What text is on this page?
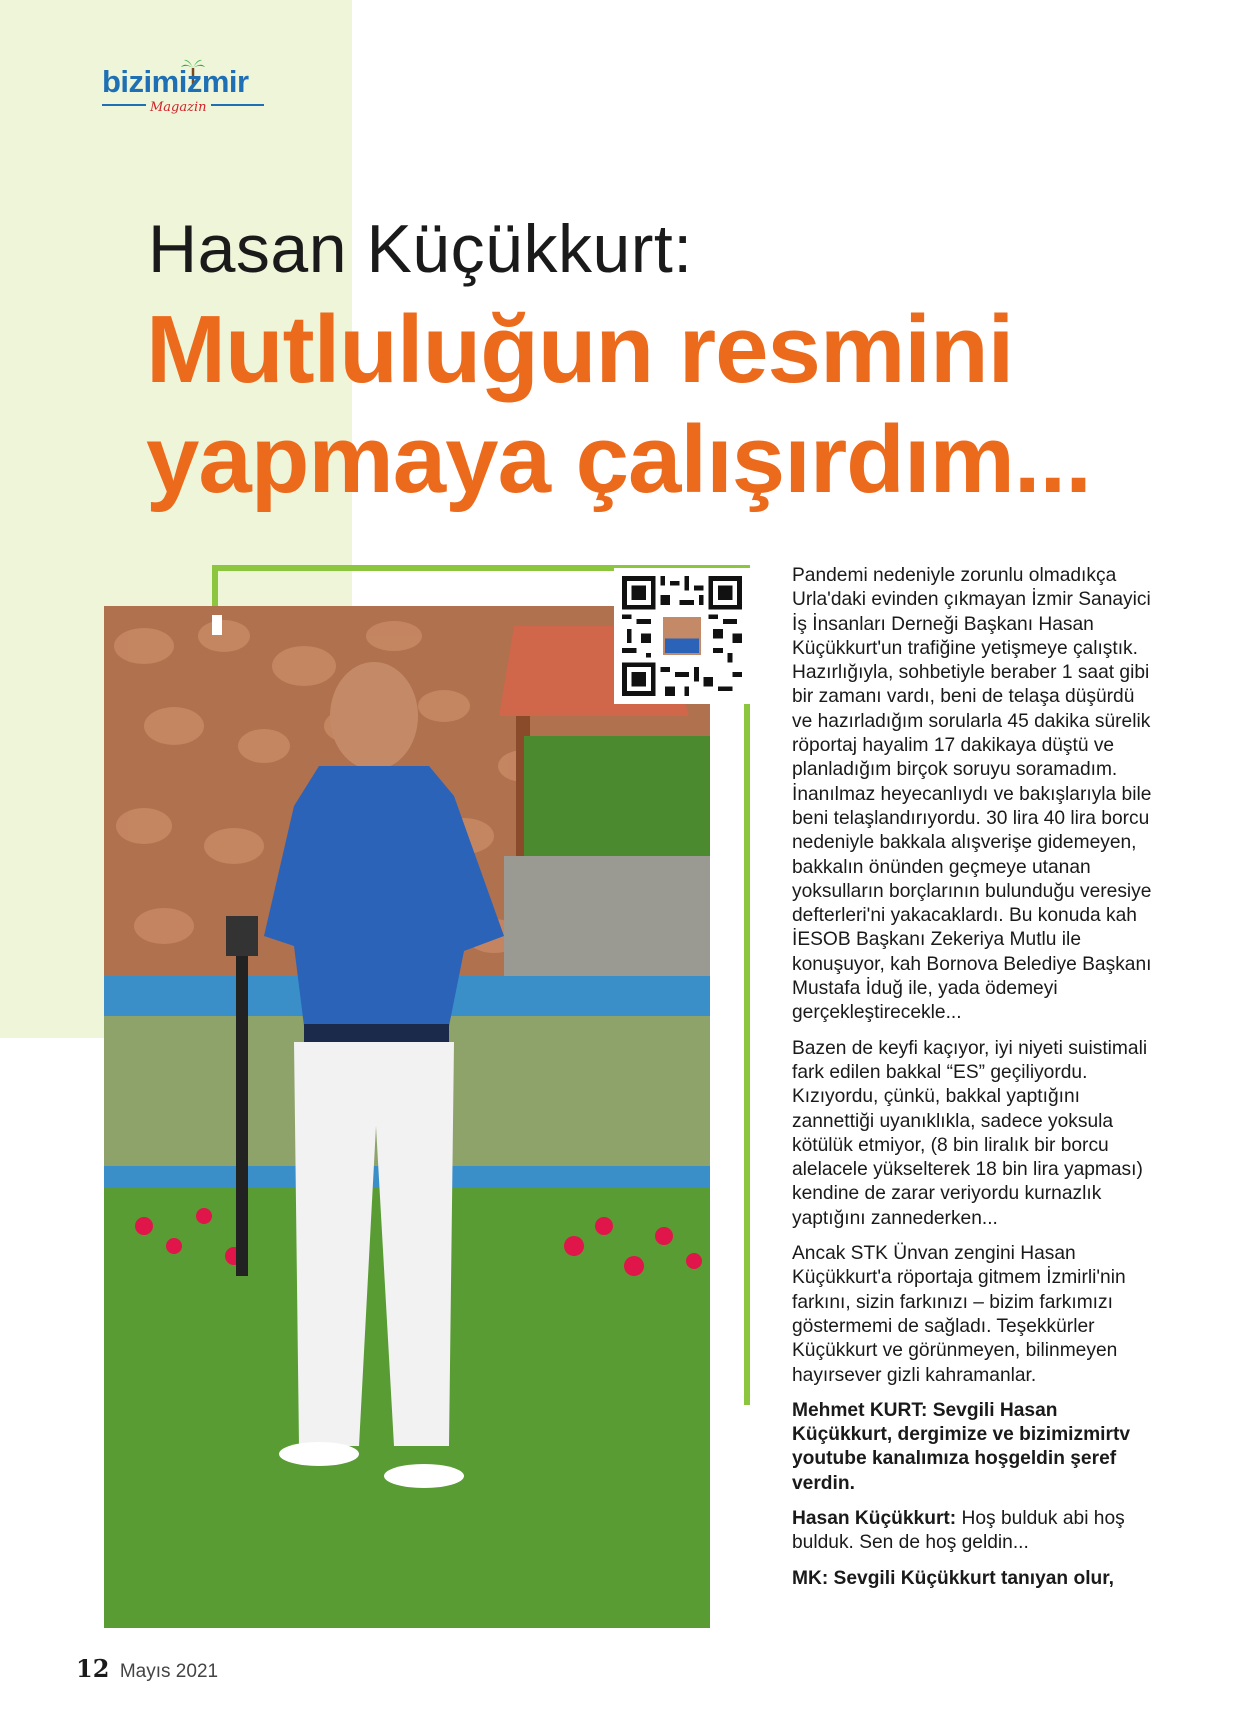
bizimizmir
Magazin
Hasan Küçükkurt:
Mutluluğun resmini
yapmaya çalışırdım...

Pandemi nedeniyle zorunlu olmadıkça Urla'daki evinden çıkmayan İzmir Sanayici İş İnsanları Derneği Başkanı Hasan Küçükkurt'un trafiğine yetişmeye çalıştık. Hazırlığıyla, sohbetiyle beraber 1 saat gibi bir zamanı vardı, beni de telaşa düşürdü ve hazırladığım sorularla 45 dakika sürelik röportaj hayalim 17 dakikaya düştü ve planladığım birçok soruyu soramadım. İnanılmaz heyecanlıydı ve bakışlarıyla bile beni telaşlandırıyordu. 30 lira 40 lira borcu nedeniyle bakkala alışverişe gidemeyen, bakkalın önünden geçmeye utanan yoksulların borçlarının bulunduğu veresiye defterleri'ni yakacaklardı. Bu konuda kah İESOB Başkanı Zekeriya Mutlu ile konuşuyor, kah Bornova Belediye Başkanı Mustafa İduğ ile, yada ödemeyi gerçekleştirecekle...

Bazen de keyfi kaçıyor, iyi niyeti suistimali fark edilen bakkal “ES” geçiliyordu. Kızıyordu, çünkü, bakkal yaptığını zannettiği uyanıklıkla, sadece yoksula kötülük etmiyor, (8 bin liralık bir borcu alelacele yükselterek 18 bin lira yapması) kendine de zarar veriyordu kurnazlık yaptığını zannederken...

Ancak STK Ünvan zengini Hasan Küçükkurt'a röportaja gitmem İzmirli'nin farkını, sizin farkınızı – bizim farkımızı göstermemi de sağladı. Teşekkürler Küçükkurt ve görünmeyen, bilinmeyen hayırsever gizli kahramanlar.

Mehmet KURT: Sevgili Hasan Küçükkurt, dergimize ve bizimizmirtv youtube kanalımıza hoşgeldin şeref verdin.

Hasan Küçükkurt: Hoş bulduk abi hoş bulduk. Sen de hoş geldin...

MK: Sevgili Küçükkurt tanıyan olur,

12 Mayıs 2021
